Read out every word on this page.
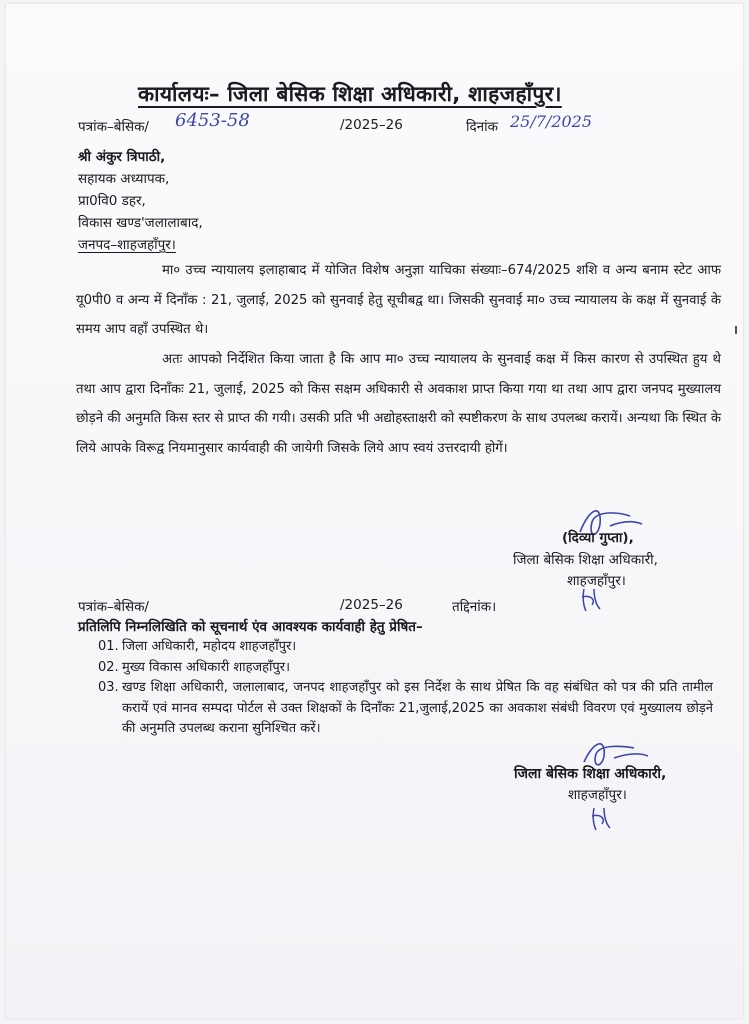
कार्यालयः– जिला बेसिक शिक्षा अधिकारी, शाहजहाँपुर।
पत्रांक–बेसिक/ 6453-58	/2025–26	दिनांक 25/7/2025
श्री अंकुर त्रिपाठी,
सहायक अध्यापक,
प्रा0वि0 डहर,
विकास खण्ड'जलालाबाद,
जनपद–शाहजहाँपुर।
मा० उच्च न्यायालय इलाहाबाद में योजित विशेष अनुज्ञा याचिका संख्याः–674/2025 शशि व अन्य बनाम स्टेट आफ यू0पी0 व अन्य में दिनाँक : 21, जुलाई, 2025 को सुनवाई हेतु सूचीबद्व था। जिसकी सुनवाई मा० उच्च न्यायालय के कक्ष में सुनवाई के समय आप वहाँ उपस्थित थे।
अतः आपको निर्देशित किया जाता है कि आप मा० उच्च न्यायालय के सुनवाई कक्ष में किस कारण से उपस्थित हुय थे तथा आप द्वारा दिनाँकः 21, जुलाई, 2025 को किस सक्षम अधिकारी से अवकाश प्राप्त किया गया था तथा आप द्वारा जनपद मुख्यालय छोड़ने की अनुमति किस स्तर से प्राप्त की गयी। उसकी प्रति भी अद्योहस्ताक्षरी को स्पष्टीकरण के साथ उपलब्ध करायें। अन्यथा कि स्थित के लिये आपके विरूद्व नियमानुसार कार्यवाही की जायेगी जिसके लिये आप स्वयं उत्तरदायी होगें।
(दिव्या गुप्ता),
जिला बेसिक शिक्षा अधिकारी,
शाहजहाँपुर।
पत्रांक–बेसिक/	/2025–26	तद्दिनांक।
प्रतिलिपि निम्नलिखिति को सूचनार्थ एंव आवश्यक कार्यवाही हेतु प्रेषित–
01. जिला अधिकारी, महोदय शाहजहाँपुर।
02. मुख्य विकास अधिकारी शाहजहाँपुर।
03. खण्ड शिक्षा अधिकारी, जलालाबाद, जनपद शाहजहाँपुर को इस निर्देश के साथ प्रेषित कि वह संबंधित को पत्र की प्रति तामील करायें एवं मानव सम्पदा पोर्टल से उक्त शिक्षकों के दिनाँकः 21,जुलाई,2025 का अवकाश संबंधी विवरण एवं मुख्यालय छोड़ने की अनुमति उपलब्ध कराना सुनिश्चित करें।
जिला बेसिक शिक्षा अधिकारी,
शाहजहाँपुर।
